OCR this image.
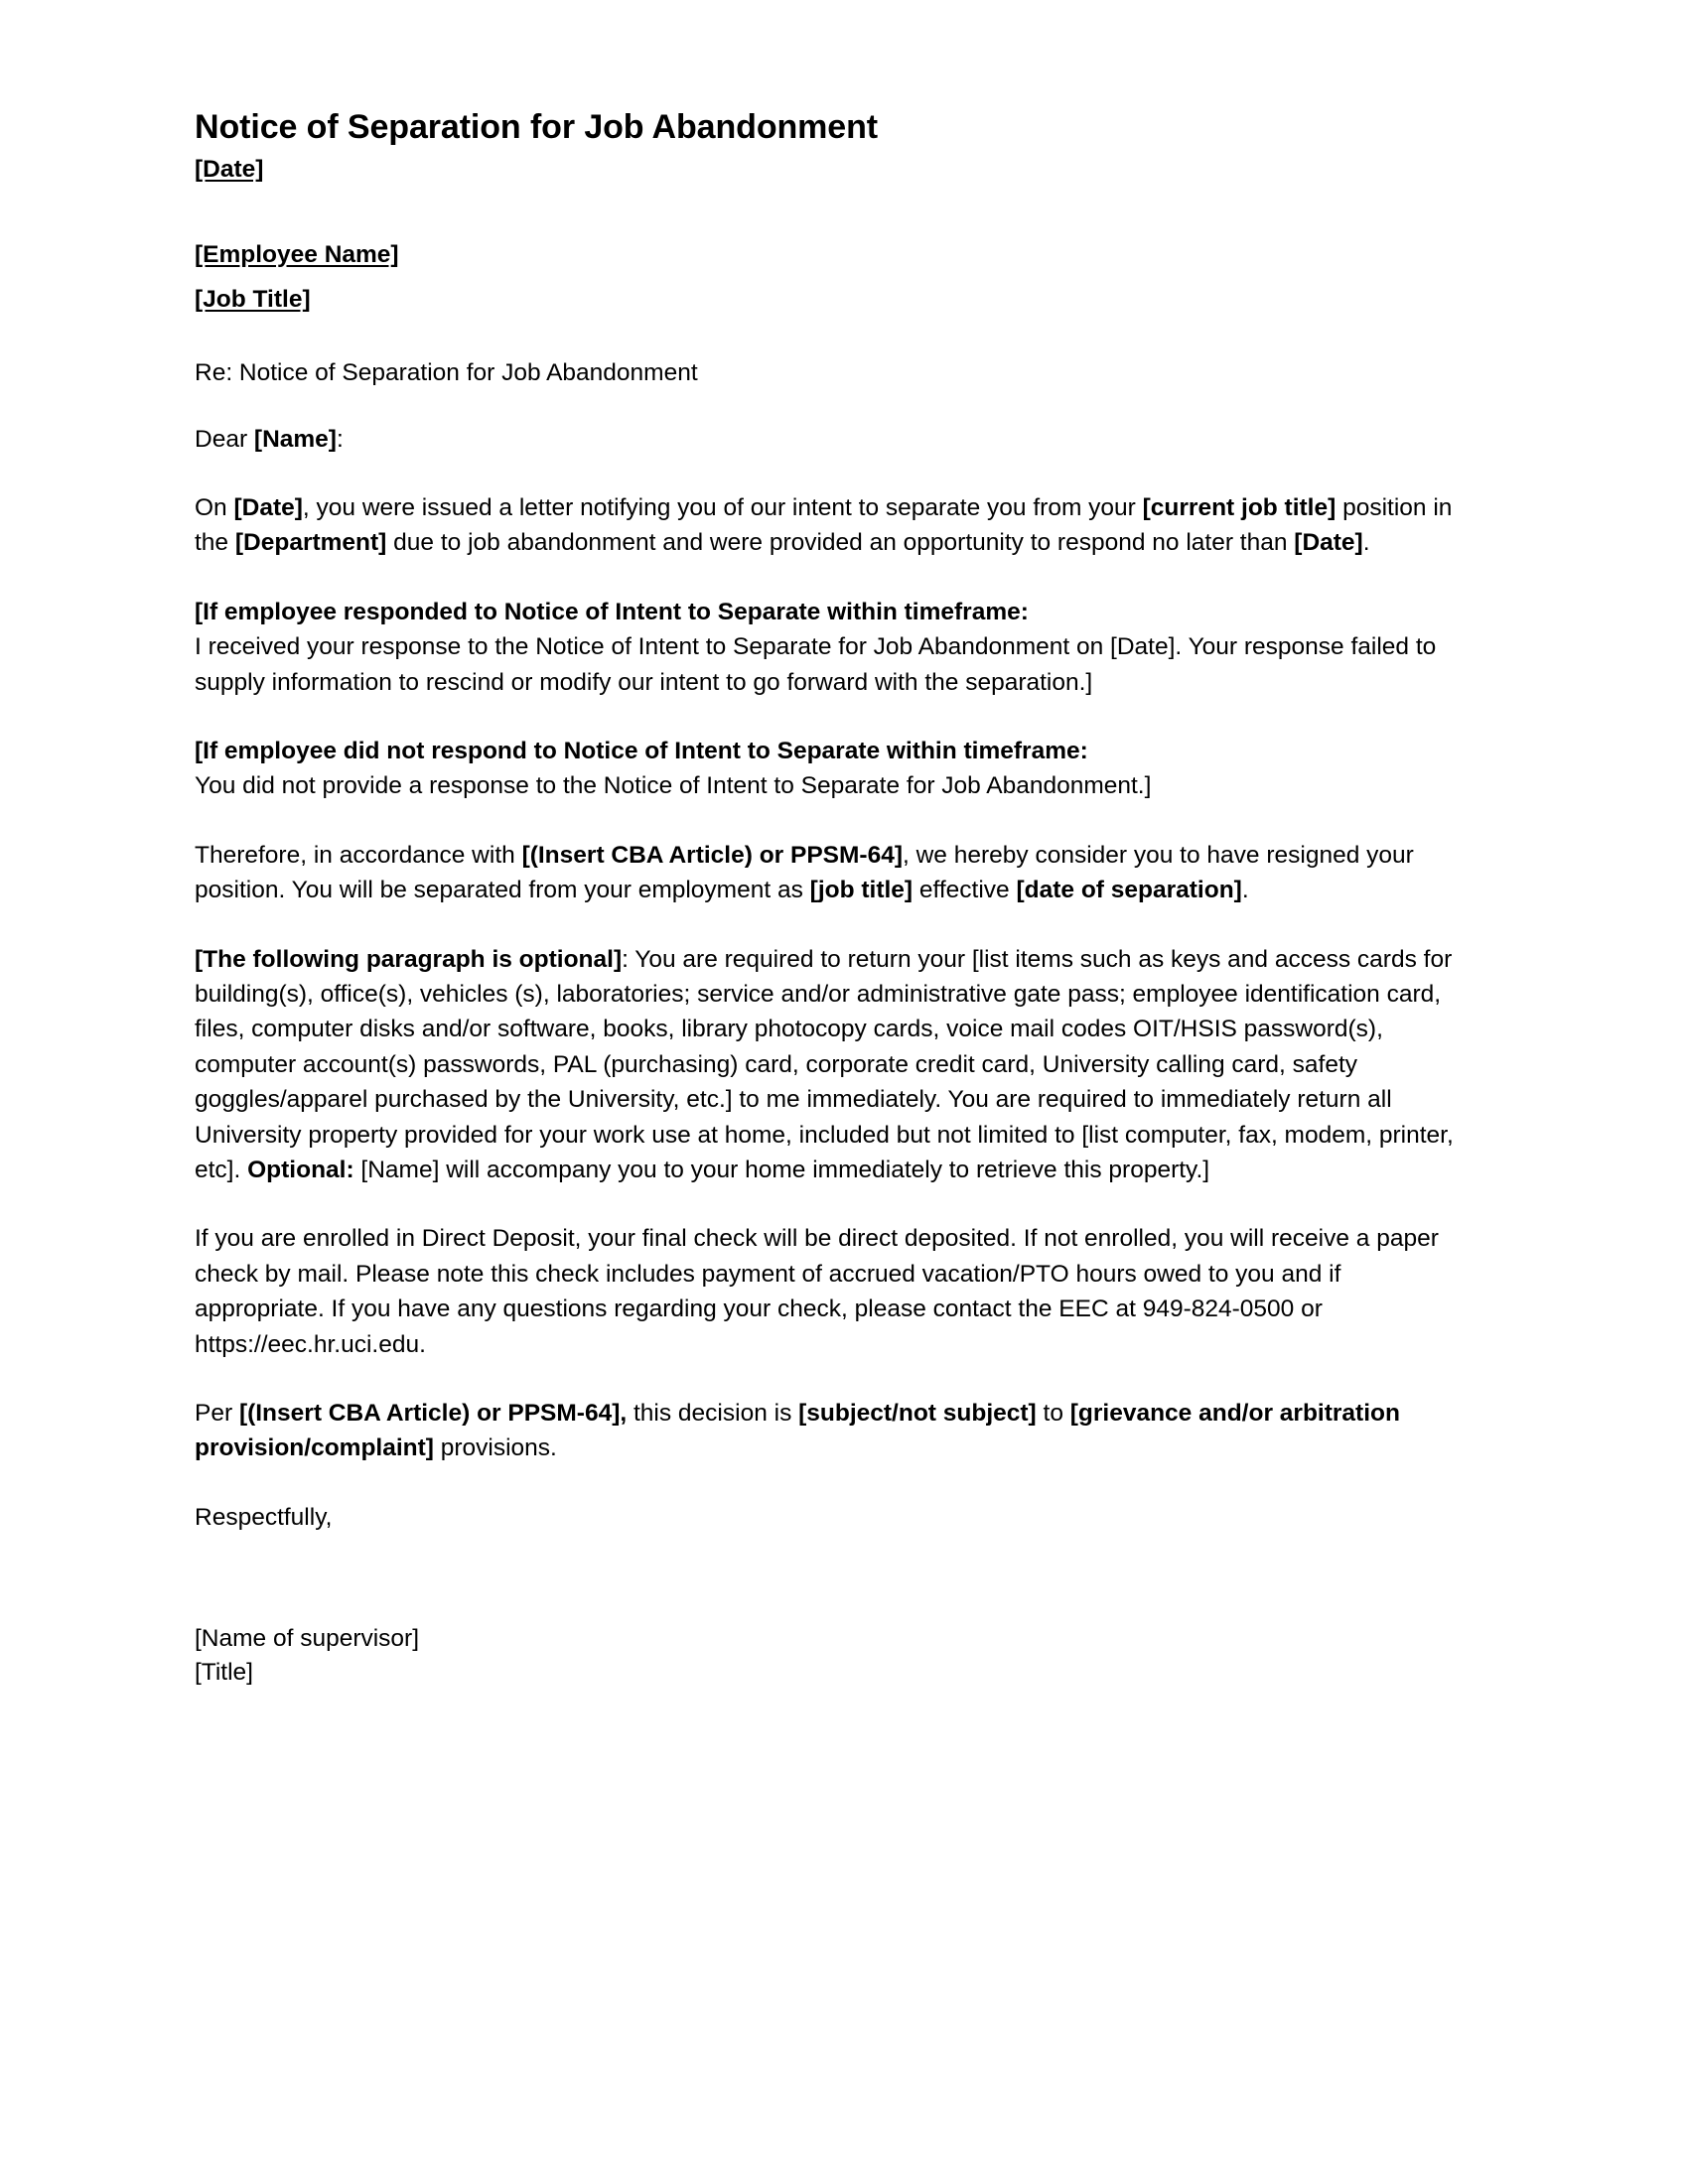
Notice of Separation for Job Abandonment

[Date]

[Employee Name]

[Job Title]

Re: Notice of Separation for Job Abandonment

Dear [Name]:

On [Date], you were issued a letter notifying you of our intent to separate you from your [current job title] position in the [Department] due to job abandonment and were provided an opportunity to respond no later than [Date].

[If employee responded to Notice of Intent to Separate within timeframe:

I received your response to the Notice of Intent to Separate for Job Abandonment on [Date]. Your response failed to supply information to rescind or modify our intent to go forward with the separation.]

[If employee did not respond to Notice of Intent to Separate within timeframe:

You did not provide a response to the Notice of Intent to Separate for Job Abandonment.]

Therefore, in accordance with [(Insert CBA Article) or PPSM-64], we hereby consider you to have resigned your position. You will be separated from your employment as [job title] effective [date of separation].

[The following paragraph is optional]: You are required to return your [list items such as keys and access cards for building(s), office(s), vehicles (s), laboratories; service and/or administrative gate pass; employee identification card, files, computer disks and/or software, books, library photocopy cards, voice mail codes OIT/HSIS password(s), computer account(s) passwords, PAL (purchasing) card, corporate credit card, University calling card, safety goggles/apparel purchased by the University, etc.] to me immediately. You are required to immediately return all University property provided for your work use at home, included but not limited to [list computer, fax, modem, printer, etc]. Optional: [Name] will accompany you to your home immediately to retrieve this property.]

If you are enrolled in Direct Deposit, your final check will be direct deposited. If not enrolled, you will receive a paper check by mail. Please note this check includes payment of accrued vacation/PTO hours owed to you and if appropriate. If you have any questions regarding your check, please contact the EEC at 949-824-0500 or https://eec.hr.uci.edu.

Per [(Insert CBA Article) or PPSM-64], this decision is [subject/not subject] to [grievance and/or arbitration provision/complaint] provisions.

Respectfully,

[Name of supervisor]

[Title]
